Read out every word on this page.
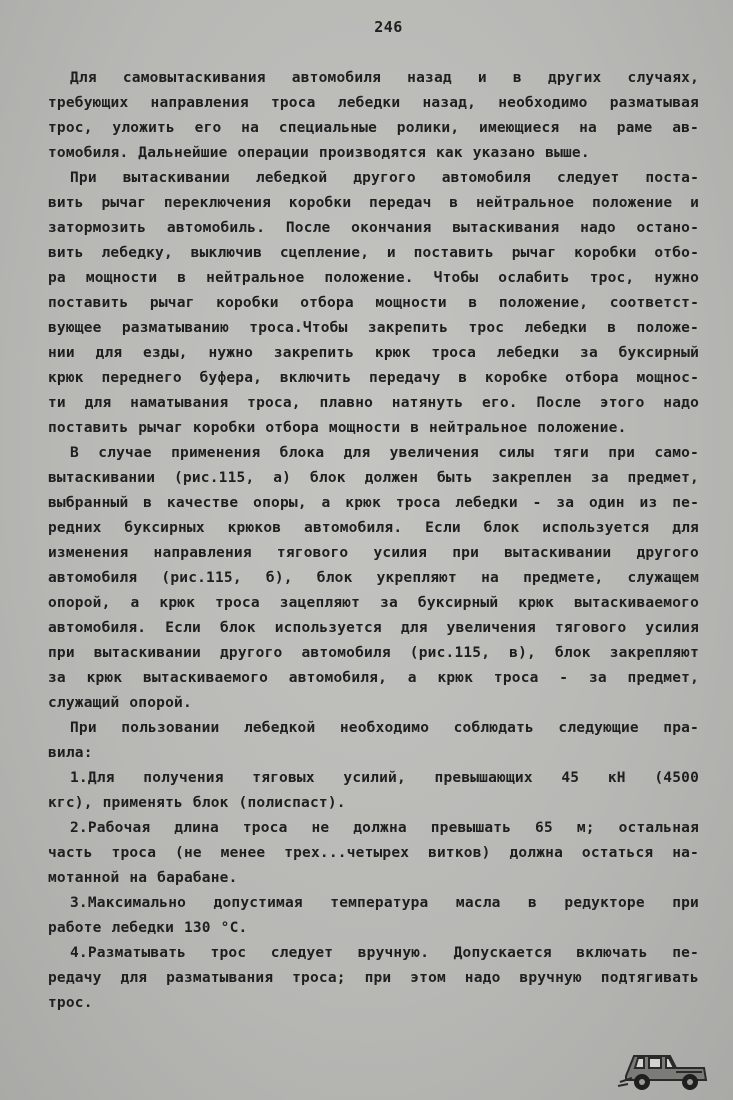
246

Для самовытаскивания автомобиля назад и в других случаях,
требующих направления троса лебедки назад, необходимо разматывая
трос, уложить его на специальные ролики, имеющиеся на раме ав-
томобиля. Дальнейшие операции производятся как указано выше.

При вытаскивании лебедкой другого автомобиля следует поста-
вить рычаг переключения коробки передач в нейтральное положение и
затормозить автомобиль. После окончания вытаскивания надо остано-
вить лебедку, выключив сцепление, и поставить рычаг коробки отбо-
ра мощности в нейтральное положение. Чтобы ослабить трос, нужно
поставить рычаг коробки отбора мощности в положение, соответст-
вующее разматыванию троса.Чтобы закрепить трос лебедки в положе-
нии для езды, нужно закрепить крюк троса лебедки за буксирный
крюк переднего буфера, включить передачу в коробке отбора мощнос-
ти для наматывания троса, плавно натянуть его. После этого надо
поставить рычаг коробки отбора мощности в нейтральное положение.

В случае применения блока для увеличения силы тяги при само-
вытаскивании (рис.115, а) блок должен быть закреплен за предмет,
выбранный в качестве опоры, а крюк троса лебедки - за один из пе-
редних буксирных крюков автомобиля. Если блок используется для
изменения направления тягового усилия при вытаскивании другого
автомобиля (рис.115, б), блок укрепляют на предмете, служащем
опорой, а крюк троса зацепляют за буксирный крюк вытаскиваемого
автомобиля. Если блок используется для увеличения тягового усилия
при вытаскивании другого автомобиля (рис.115, в), блок закрепляют
за крюк вытаскиваемого автомобиля, а крюк троса - за предмет,
служащий опорой.

При пользовании лебедкой необходимо соблюдать следующие пра-
вила:

1.Для получения тяговых усилий, превышающих 45 кН (4500
кгс), применять блок (полиспаст).

2.Рабочая длина троса не должна превышать 65 м; остальная
часть троса (не менее трех...четырех витков) должна остаться на-
мотанной на барабане.

3.Максимально допустимая температура масла в редукторе при
работе лебедки 130 °С.

4.Разматывать трос следует вручную. Допускается включать пе-
редачу для разматывания троса; при этом надо вручную подтягивать
трос.
